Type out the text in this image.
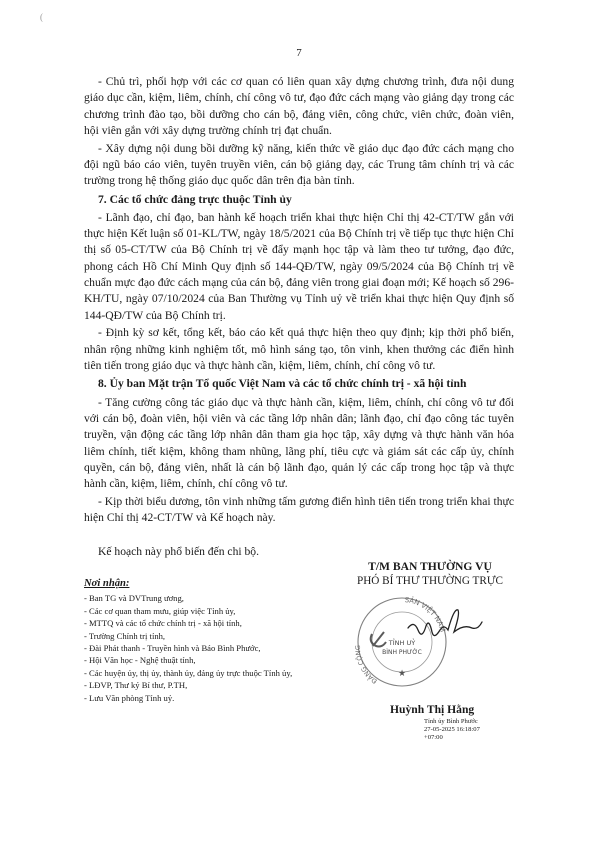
(
7

- Chủ trì, phối hợp với các cơ quan có liên quan xây dựng chương trình, đưa nội dung giáo dục cần, kiệm, liêm, chính, chí công vô tư, đạo đức cách mạng vào giảng dạy trong các chương trình đào tạo, bồi dưỡng cho cán bộ, đảng viên, công chức, viên chức, đoàn viên, hội viên gắn với xây dựng trường chính trị đạt chuẩn.

- Xây dựng nội dung bồi dưỡng kỹ năng, kiến thức về giáo dục đạo đức cách mạng cho đội ngũ báo cáo viên, tuyên truyền viên, cán bộ giảng dạy, các Trung tâm chính trị và các trường trong hệ thống giáo dục quốc dân trên địa bàn tỉnh.

7. Các tổ chức đảng trực thuộc Tỉnh ủy

- Lãnh đạo, chỉ đạo, ban hành kế hoạch triển khai thực hiện Chỉ thị 42-CT/TW gắn với thực hiện Kết luận số 01-KL/TW, ngày 18/5/2021 của Bộ Chính trị về tiếp tục thực hiện Chỉ thị số 05-CT/TW của Bộ Chính trị về đẩy mạnh học tập và làm theo tư tưởng, đạo đức, phong cách Hồ Chí Minh Quy định số 144-QĐ/TW, ngày 09/5/2024 của Bộ Chính trị về chuẩn mực đạo đức cách mạng của cán bộ, đảng viên trong giai đoạn mới; Kế hoạch số 296-KH/TU, ngày 07/10/2024 của Ban Thường vụ Tỉnh uỷ về triển khai thực hiện Quy định số 144-QĐ/TW của Bộ Chính trị.

- Định kỳ sơ kết, tổng kết, báo cáo kết quả thực hiện theo quy định; kịp thời phổ biến, nhân rộng những kinh nghiệm tốt, mô hình sáng tạo, tôn vinh, khen thưởng các điển hình tiên tiến trong giáo dục và thực hành cần, kiệm, liêm, chính, chí công vô tư.

8. Ủy ban Mặt trận Tổ quốc Việt Nam và các tổ chức chính trị - xã hội tỉnh

- Tăng cường công tác giáo dục và thực hành cần, kiệm, liêm, chính, chí công vô tư đối với cán bộ, đoàn viên, hội viên và các tầng lớp nhân dân; lãnh đạo, chỉ đạo công tác tuyên truyền, vận động các tầng lớp nhân dân tham gia học tập, xây dựng và thực hành văn hóa liêm chính, tiết kiệm, không tham nhũng, lãng phí, tiêu cực và giám sát các cấp ủy, chính quyền, cán bộ, đảng viên, nhất là cán bộ lãnh đạo, quản lý các cấp trong học tập và thực hành cần, kiệm, liêm, chính, chí công vô tư.

- Kịp thời biểu dương, tôn vinh những tấm gương điển hình tiên tiến trong triển khai thực hiện Chỉ thị 42-CT/TW và Kế hoạch này.

Kế hoạch này phổ biến đến chi bộ.
Nơi nhận:
- Ban TG và DVTrung ương,
- Các cơ quan tham mưu, giúp việc Tỉnh ủy,
- MTTQ và các tổ chức chính trị - xã hội tỉnh,
- Trường Chính trị tỉnh,
- Đài Phát thanh - Truyền hình và Báo Bình Phước,
- Hội Văn học - Nghệ thuật tỉnh,
- Các huyện ủy, thị ủy, thành ủy, đảng ủy trực thuộc Tỉnh ủy,
- LĐVP, Thư ký Bí thư, P.TH,
- Lưu Văn phòng Tỉnh uỷ.
T/M BAN THƯỜNG VỤ
PHÓ BÍ THƯ THƯỜNG TRỰC
SẢN VIỆT NAM
ĐẢNG CỘNG
TỈNH UỶ
BÌNH PHƯỚC
★
Huỳnh Thị Hằng
Tỉnh ủy Bình Phước
27-05-2025 16:18:07
+07:00
